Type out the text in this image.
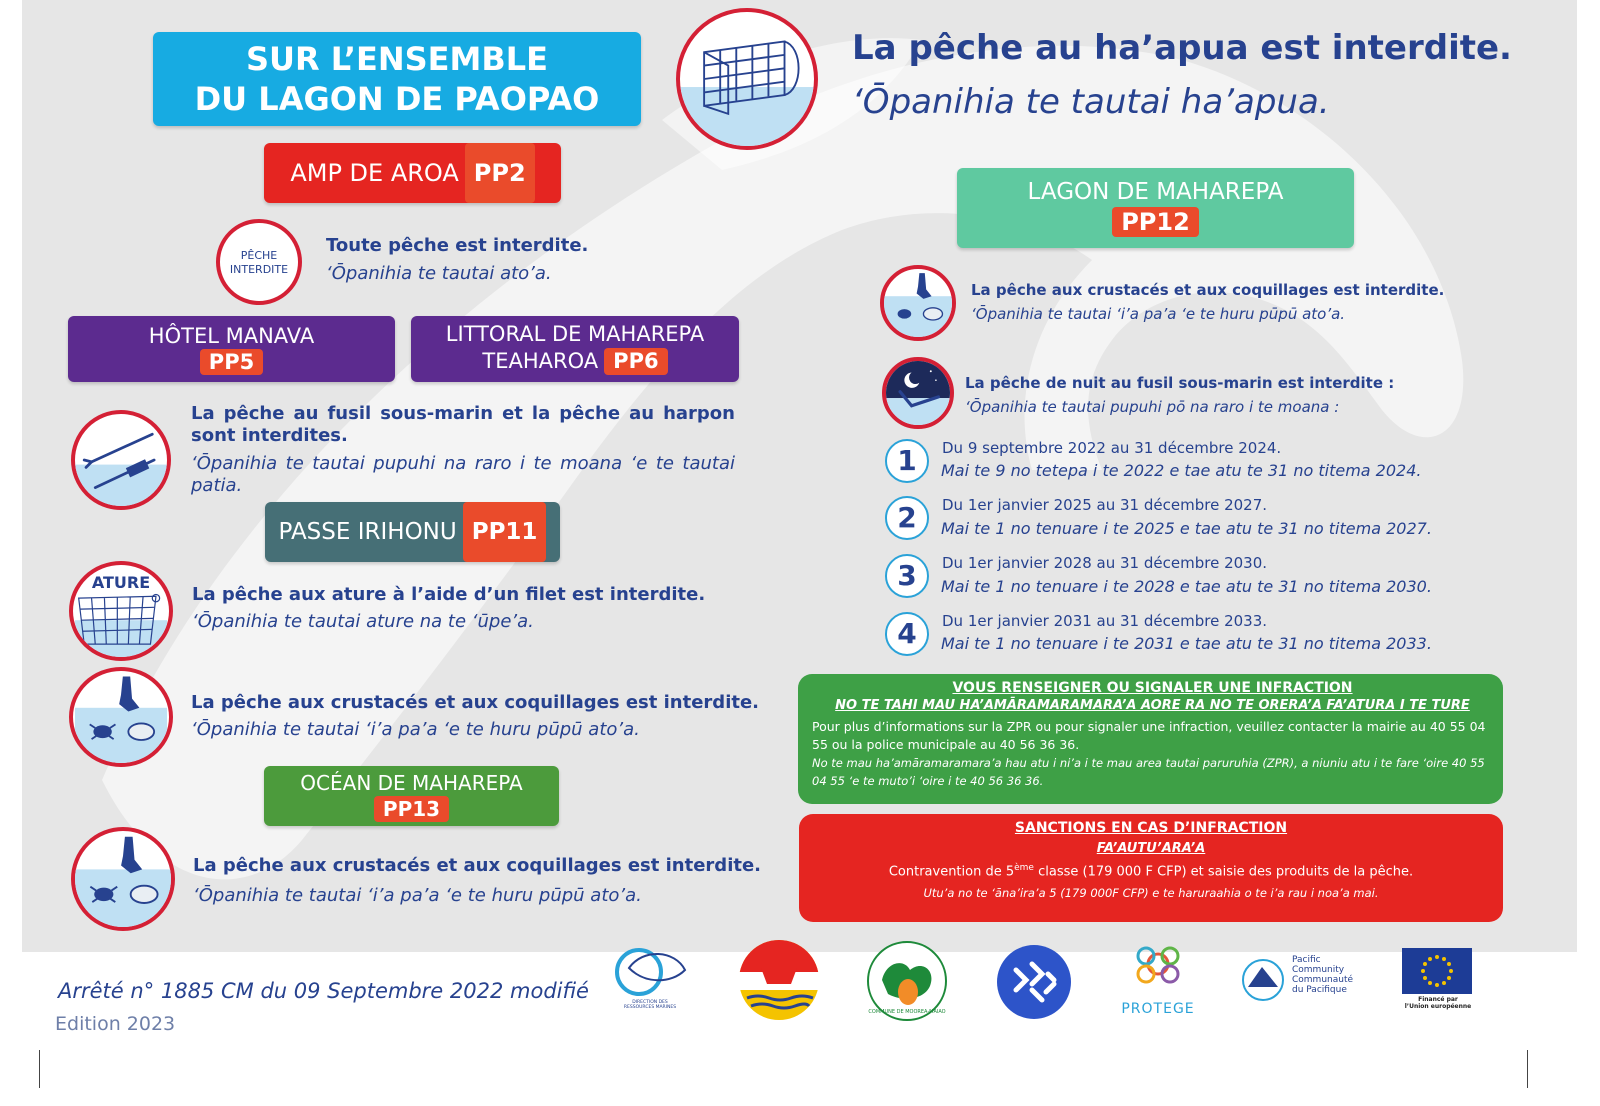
SUR L’ENSEMBLE
DU LAGON DE PAOPAO
La pêche au ha’apua est interdite.
‘Ōpanihia te tautai ha’apua.
AMP DE AROA PP2
PÊCHE
INTERDITE
Toute pêche est interdite.
‘Ōpanihia te tautai ato’a.
HÔTEL MANAVA
PP5
LITTORAL DE MAHAREPA
TEAHAROA PP6
La pêche au fusil sous-marin et la pêche au harpon sont interdites.
‘Ōpanihia te tautai pupuhi na raro i te moana ‘e te tautai patia.
PASSE IRIHONU PP11
ATURE
La pêche aux ature à l’aide d’un filet est interdite.
‘Ōpanihia te tautai ature na te ‘ūpe’a.
La pêche aux crustacés et aux coquillages est interdite.
‘Ōpanihia te tautai ‘i’a pa’a ‘e te huru pūpū ato’a.
OCÉAN DE MAHAREPA
PP13
La pêche aux crustacés et aux coquillages est interdite.
‘Ōpanihia te tautai ‘i’a pa’a ‘e te huru pūpū ato’a.
LAGON DE MAHAREPA
PP12
La pêche aux crustacés et aux coquillages est interdite.
‘Ōpanihia te tautai ‘i’a pa’a ‘e te huru pūpū ato’a.
La pêche de nuit au fusil sous-marin est interdite :
‘Ōpanihia te tautai pupuhi pō na raro i te moana :
1	Du 9 septembre 2022 au 31 décembre 2024.
Mai te 9 no tetepa i te 2022 e tae atu te 31 no titema 2024.
2	Du 1er janvier 2025 au 31 décembre 2027.
Mai te 1 no tenuare i te 2025 e tae atu te 31 no titema 2027.
3	Du 1er janvier 2028 au 31 décembre 2030.
Mai te 1 no tenuare i te 2028 e tae atu te 31 no titema 2030.
4	Du 1er janvier 2031 au 31 décembre 2033.
Mai te 1 no tenuare i te 2031 e tae atu te 31 no titema 2033.
VOUS RENSEIGNER OU SIGNALER UNE INFRACTION
NO TE TAHI MAU HA’AMĀRAMARAMARA’A AORE RA NO TE ORERA’A FA’ATURA I TE TURE
Pour plus d’informations sur la ZPR ou pour signaler une infraction, veuillez contacter la mairie au 40 55 04 55 ou la police municipale au 40 56 36 36.
No te mau ha’amāramaramara’a hau atu i ni’a i te mau area tautai paruruhia (ZPR), a niuniu atu i te fare ‘oire 40 55 04 55 ‘e te muto’i ‘oire i te 40 56 36 36.
SANCTIONS EN CAS D’INFRACTION
FA’AUTU’ARA’A
Contravention de 5ème classe (179 000 F CFP) et saisie des produits de la pêche.
Utu’a no te ‘āna’ira’a 5 (179 000F CFP) e te haruraahia o te i’a rau i noa’a mai.
Arrêté n° 1885 CM du 09 Septembre 2022 modifié
Edition 2023
DIRECTION DES
RESSOURCES MARINES
COMMUNE DE MOOREA-MAIAO	PROTEGE
Pacific
Community
Communauté
du Pacifique
Financé par
l’Union européenne
